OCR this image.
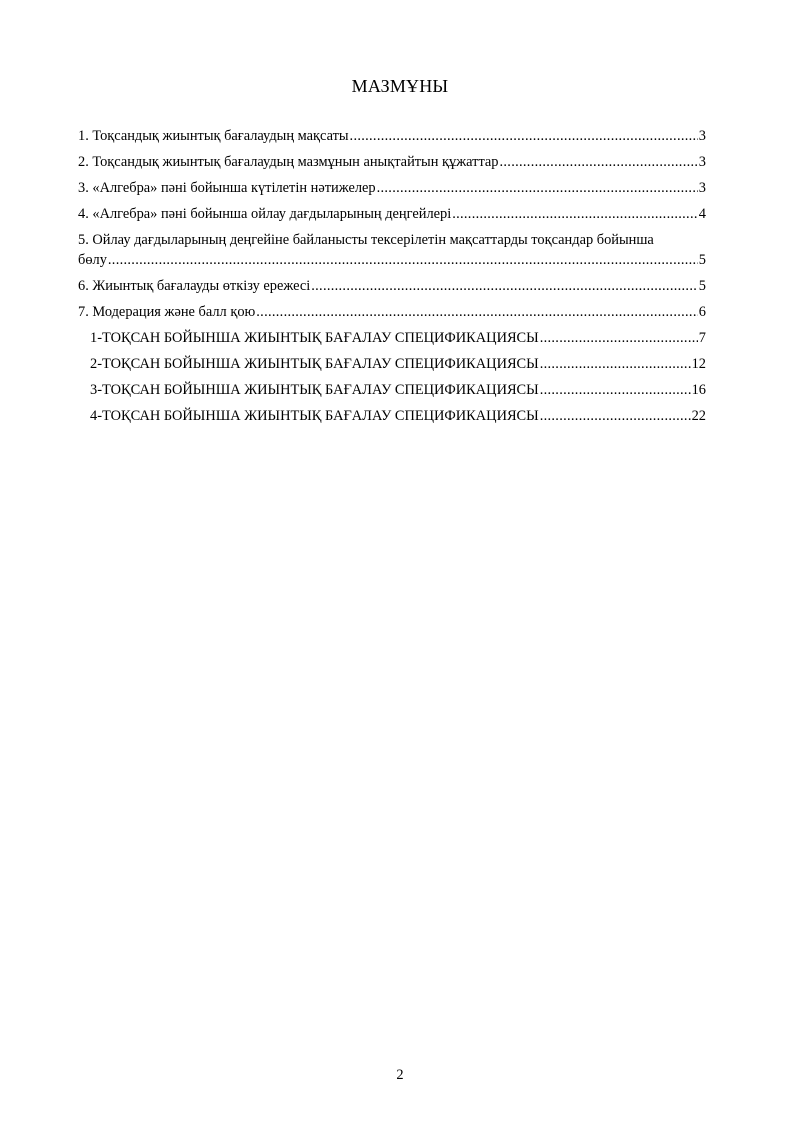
МАЗМҰНЫ
1. Тоқсандық жиынтық бағалаудың мақсаты .....	3
2. Тоқсандық жиынтық бағалаудың мазмұнын анықтайтын құжаттар .....	3
3. «Алгебра» пәні бойынша күтілетін нәтижелер .....	3
4. «Алгебра» пәні бойынша ойлау дағдыларының деңгейлері .....	4
5. Ойлау дағдыларының деңгейіне байланысты тексерілетін мақсаттарды тоқсандар бойынша
бөлу .....	5
6. Жиынтық бағалауды өткізу ережесі .....	5
7. Модерация және балл қою .....	6
1-ТОҚСАН БОЙЫНША ЖИЫНТЫҚ БАҒАЛАУ СПЕЦИФИКАЦИЯСЫ .....	7
2-ТОҚСАН БОЙЫНША ЖИЫНТЫҚ БАҒАЛАУ СПЕЦИФИКАЦИЯСЫ .....	12
3-ТОҚСАН БОЙЫНША ЖИЫНТЫҚ БАҒАЛАУ СПЕЦИФИКАЦИЯСЫ .....	16
4-ТОҚСАН БОЙЫНША ЖИЫНТЫҚ БАҒАЛАУ СПЕЦИФИКАЦИЯСЫ .....	22
2
